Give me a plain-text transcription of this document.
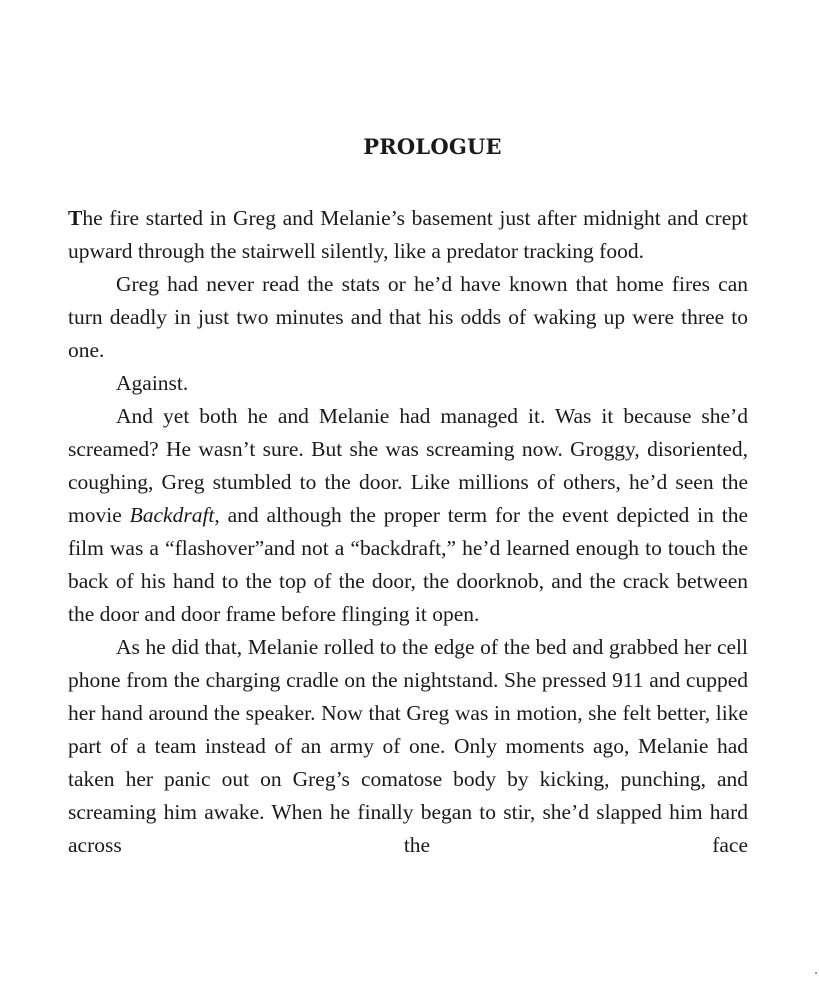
PROLOGUE

The fire started in Greg and Melanie’s basement just after midnight and crept upward through the stairwell silently, like a predator tracking food.

Greg had never read the stats or he’d have known that home fires can turn deadly in just two minutes and that his odds of waking up were three to one.

Against.

And yet both he and Melanie had managed it. Was it because she’d screamed? He wasn’t sure. But she was screaming now. Groggy, disoriented, coughing, Greg stumbled to the door. Like millions of others, he’d seen the movie Backdraft, and although the proper term for the event depicted in the film was a “flashover”and not a “backdraft,” he’d learned enough to touch the back of his hand to the top of the door, the doorknob, and the crack between the door and door frame before flinging it open.

As he did that, Melanie rolled to the edge of the bed and grabbed her cell phone from the charging cradle on the nightstand. She pressed 911 and cupped her hand around the speaker. Now that Greg was in motion, she felt better, like part of a team instead of an army of one. Only moments ago, Melanie had taken her panic out on Greg’s comatose body by kicking, punching, and screaming him awake. When he finally began to stir, she’d slapped him hard across the face
